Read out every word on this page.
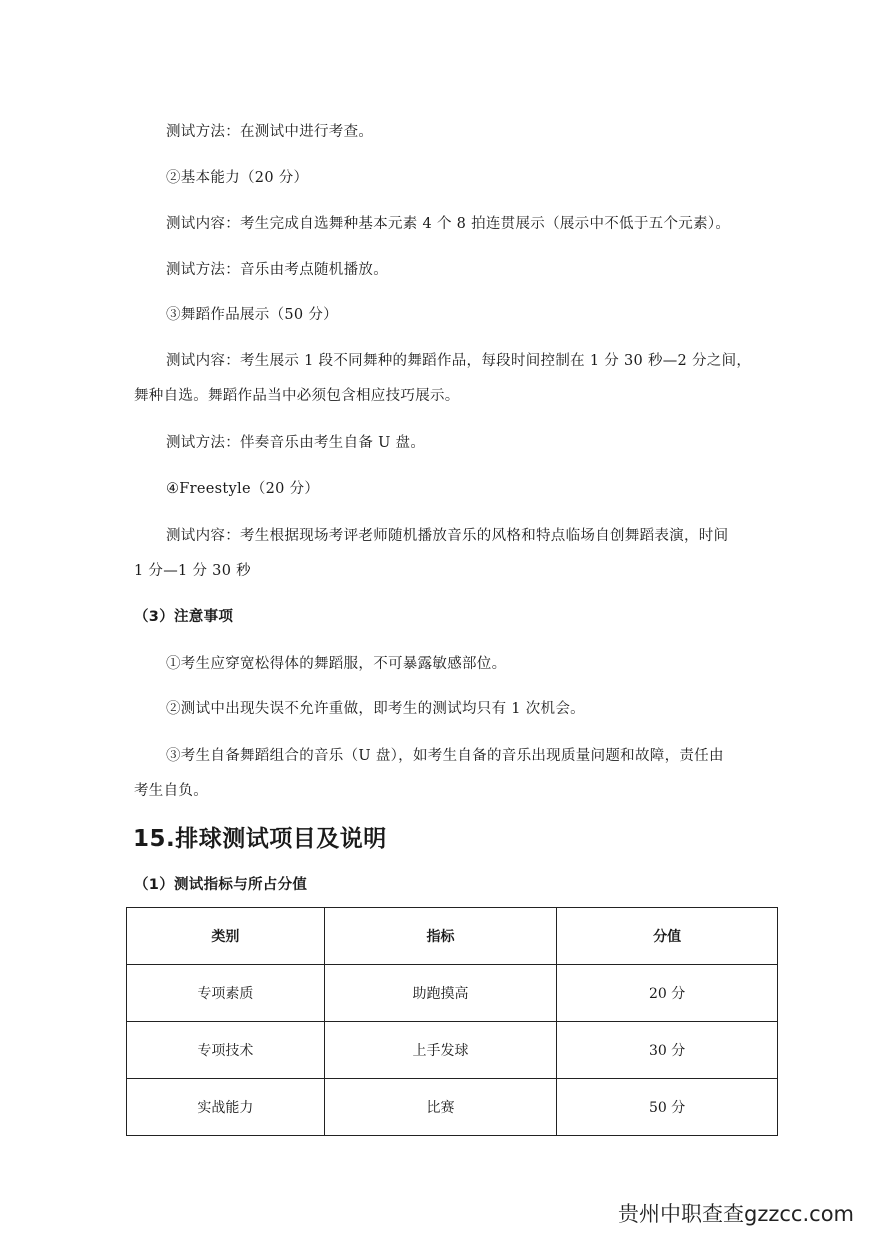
测试方法：在测试中进行考查。
②基本能力（20 分）
测试内容：考生完成自选舞种基本元素 4 个 8 拍连贯展示（展示中不低于五个元素）。
测试方法：音乐由考点随机播放。
③舞蹈作品展示（50 分）
测试内容：考生展示 1 段不同舞种的舞蹈作品，每段时间控制在 1 分 30 秒—2 分之间，
舞种自选。舞蹈作品当中必须包含相应技巧展示。
测试方法：伴奏音乐由考生自备 U 盘。
④Freestyle（20 分）
测试内容：考生根据现场考评老师随机播放音乐的风格和特点临场自创舞蹈表演，时间
1 分—1 分 30 秒
（3）注意事项
①考生应穿宽松得体的舞蹈服，不可暴露敏感部位。
②测试中出现失误不允许重做，即考生的测试均只有 1 次机会。
③考生自备舞蹈组合的音乐（U 盘），如考生自备的音乐出现质量问题和故障，责任由
考生自负。
15.排球测试项目及说明
（1）测试指标与所占分值
类别	指标	分值
专项素质	助跑摸高	20 分
专项技术	上手发球	30 分
实战能力	比赛	50 分
贵州中职查查gzzcc.com
